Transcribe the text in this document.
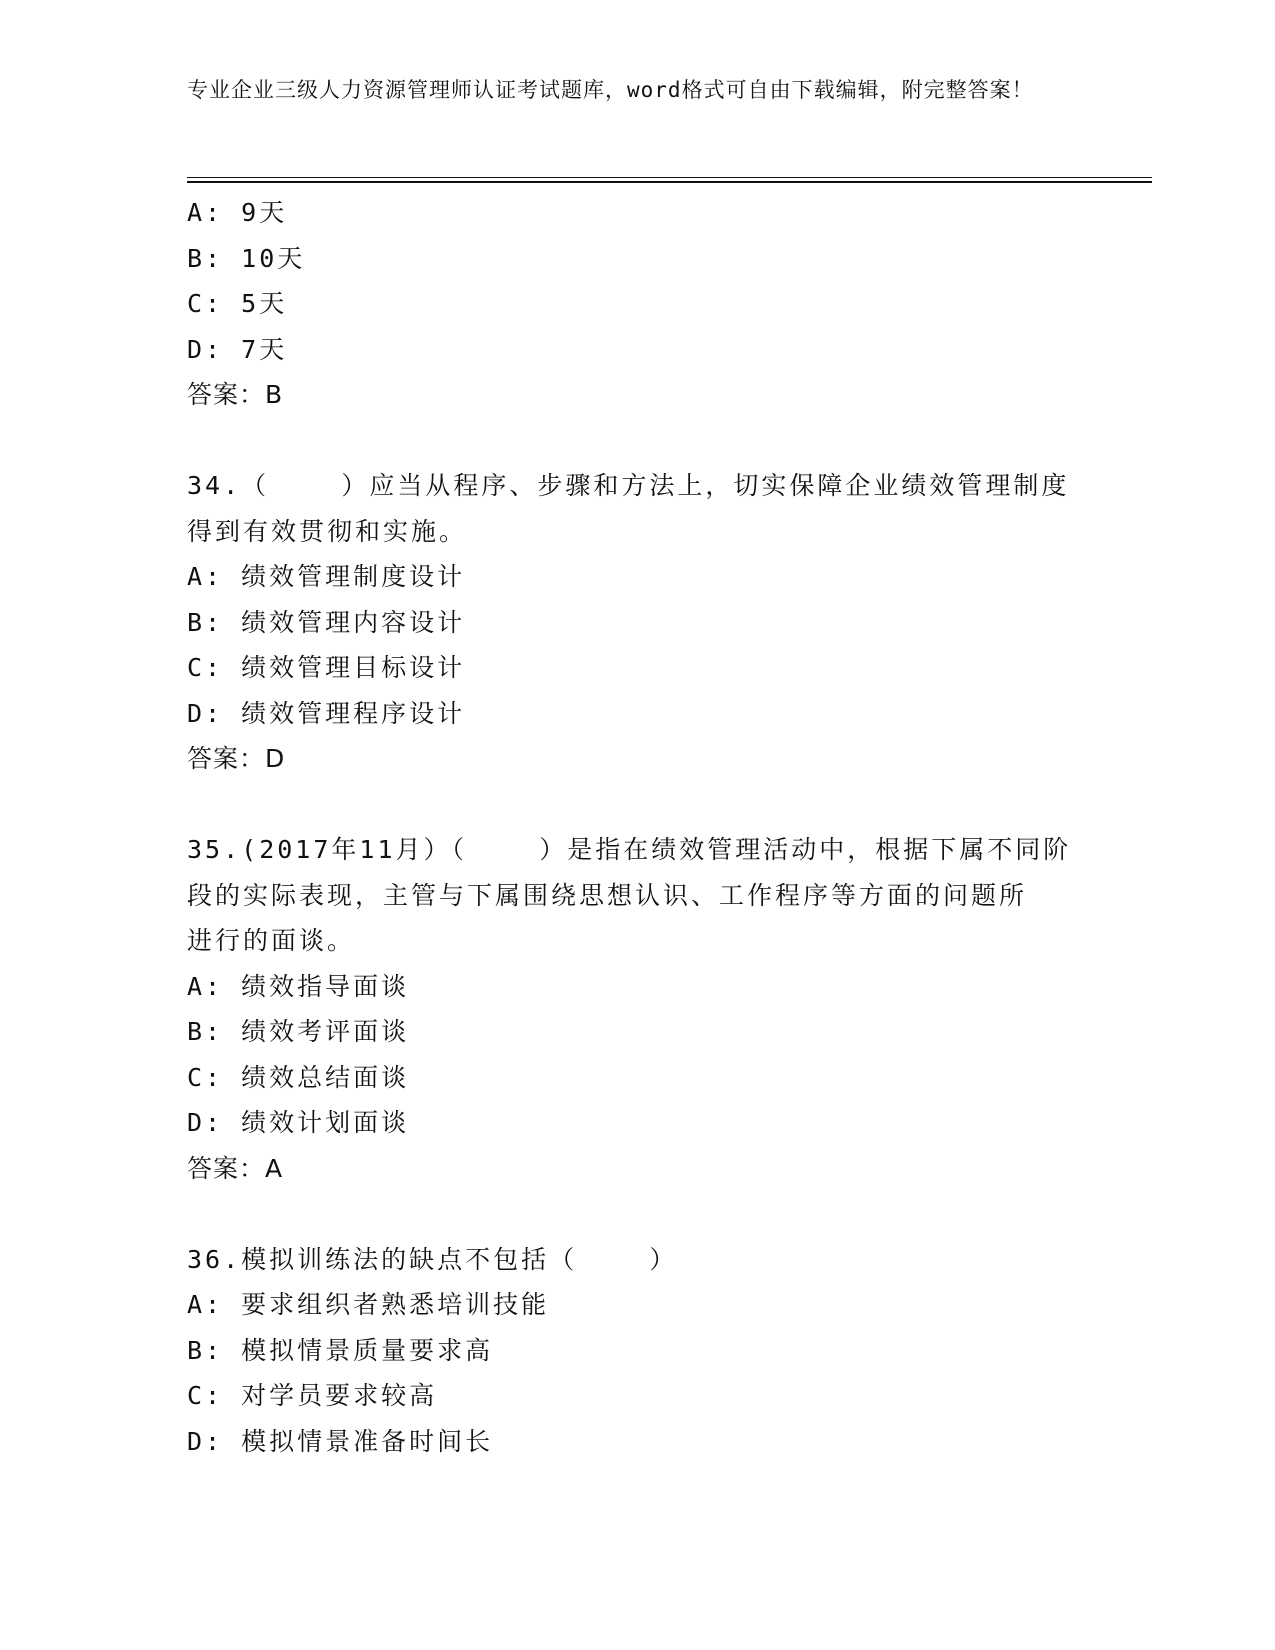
专业企业三级人力资源管理师认证考试题库，word格式可自由下载编辑，附完整答案！
A: 9天
B: 10天
C: 5天
D: 7天
答案：B
34.（    ）应当从程序、步骤和方法上，切实保障企业绩效管理制度
得到有效贯彻和实施。
A: 绩效管理制度设计
B: 绩效管理内容设计
C: 绩效管理目标设计
D: 绩效管理程序设计
答案：D
35.(2017年11月）（    ）是指在绩效管理活动中，根据下属不同阶
段的实际表现，主管与下属围绕思想认识、工作程序等方面的问题所
进行的面谈。
A: 绩效指导面谈
B: 绩效考评面谈
C: 绩效总结面谈
D: 绩效计划面谈
答案：A
36.模拟训练法的缺点不包括（    ）
A: 要求组织者熟悉培训技能
B: 模拟情景质量要求高
C: 对学员要求较高
D: 模拟情景准备时间长
